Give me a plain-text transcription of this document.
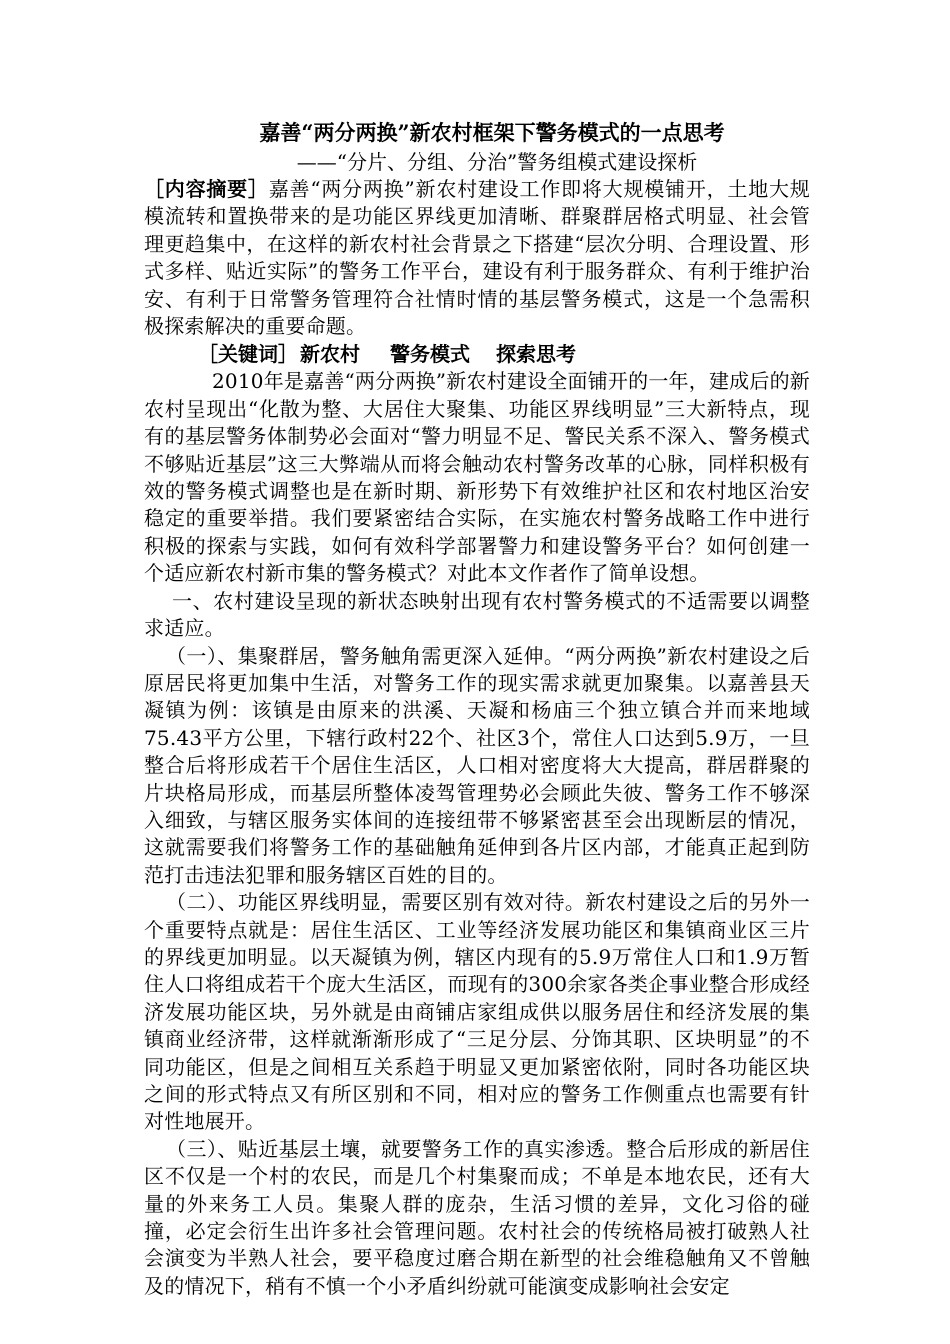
嘉善“两分两换”新农村框架下警务模式的一点思考
——“分片、分组、分治”警务组模式建设探析

［内容摘要］嘉善“两分两换”新农村建设工作即将大规模铺开，土地大规模流转和置换带来的是功能区界线更加清晰、群聚群居格式明显、社会管理更趋集中，在这样的新农村社会背景之下搭建“层次分明、合理设置、形式多样、贴近实际”的警务工作平台，建设有利于服务群众、有利于维护治安、有利于日常警务管理符合社情时情的基层警务模式，这是一个急需积极探索解决的重要命题。

［关键词］ 新农村 警务模式 探索思考

2010年是嘉善“两分两换”新农村建设全面铺开的一年，建成后的新农村呈现出“化散为整、大居住大聚集、功能区界线明显”三大新特点，现有的基层警务体制势必会面对“警力明显不足、警民关系不深入、警务模式不够贴近基层”这三大弊端从而将会触动农村警务改革的心脉，同样积极有效的警务模式调整也是在新时期、新形势下有效维护社区和农村地区治安稳定的重要举措。我们要紧密结合实际，在实施农村警务战略工作中进行积极的探索与实践，如何有效科学部署警力和建设警务平台？如何创建一个适应新农村新市集的警务模式？对此本文作者作了简单设想。

一、农村建设呈现的新状态映射出现有农村警务模式的不适需要以调整求适应。

（一）、集聚群居，警务触角需更深入延伸。“两分两换”新农村建设之后原居民将更加集中生活，对警务工作的现实需求就更加聚集。以嘉善县天凝镇为例：该镇是由原来的洪溪、天凝和杨庙三个独立镇合并而来地域75.43平方公里，下辖行政村22个、社区3个，常住人口达到5.9万，一旦整合后将形成若干个居住生活区，人口相对密度将大大提高，群居群聚的片块格局形成，而基层所整体凌驾管理势必会顾此失彼、警务工作不够深入细致，与辖区服务实体间的连接纽带不够紧密甚至会出现断层的情况，这就需要我们将警务工作的基础触角延伸到各片区内部，才能真正起到防范打击违法犯罪和服务辖区百姓的目的。

（二）、功能区界线明显，需要区别有效对待。新农村建设之后的另外一个重要特点就是：居住生活区、工业等经济发展功能区和集镇商业区三片的界线更加明显。以天凝镇为例，辖区内现有的5.9万常住人口和1.9万暂住人口将组成若干个庞大生活区，而现有的300余家各类企事业整合形成经济发展功能区块，另外就是由商铺店家组成供以服务居住和经济发展的集镇商业经济带，这样就渐渐形成了“三足分层、分饰其职、区块明显”的不同功能区，但是之间相互关系趋于明显又更加紧密依附，同时各功能区块之间的形式特点又有所区别和不同，相对应的警务工作侧重点也需要有针对性地展开。

（三）、贴近基层土壤，就要警务工作的真实渗透。整合后形成的新居住区不仅是一个村的农民，而是几个村集聚而成；不单是本地农民，还有大量的外来务工人员。集聚人群的庞杂，生活习惯的差异，文化习俗的碰撞，必定会衍生出许多社会管理问题。农村社会的传统格局被打破熟人社会演变为半熟人社会，要平稳度过磨合期在新型的社会维稳触角又不曾触及的情况下，稍有不慎一个小矛盾纠纷就可能演变成影响社会安定
